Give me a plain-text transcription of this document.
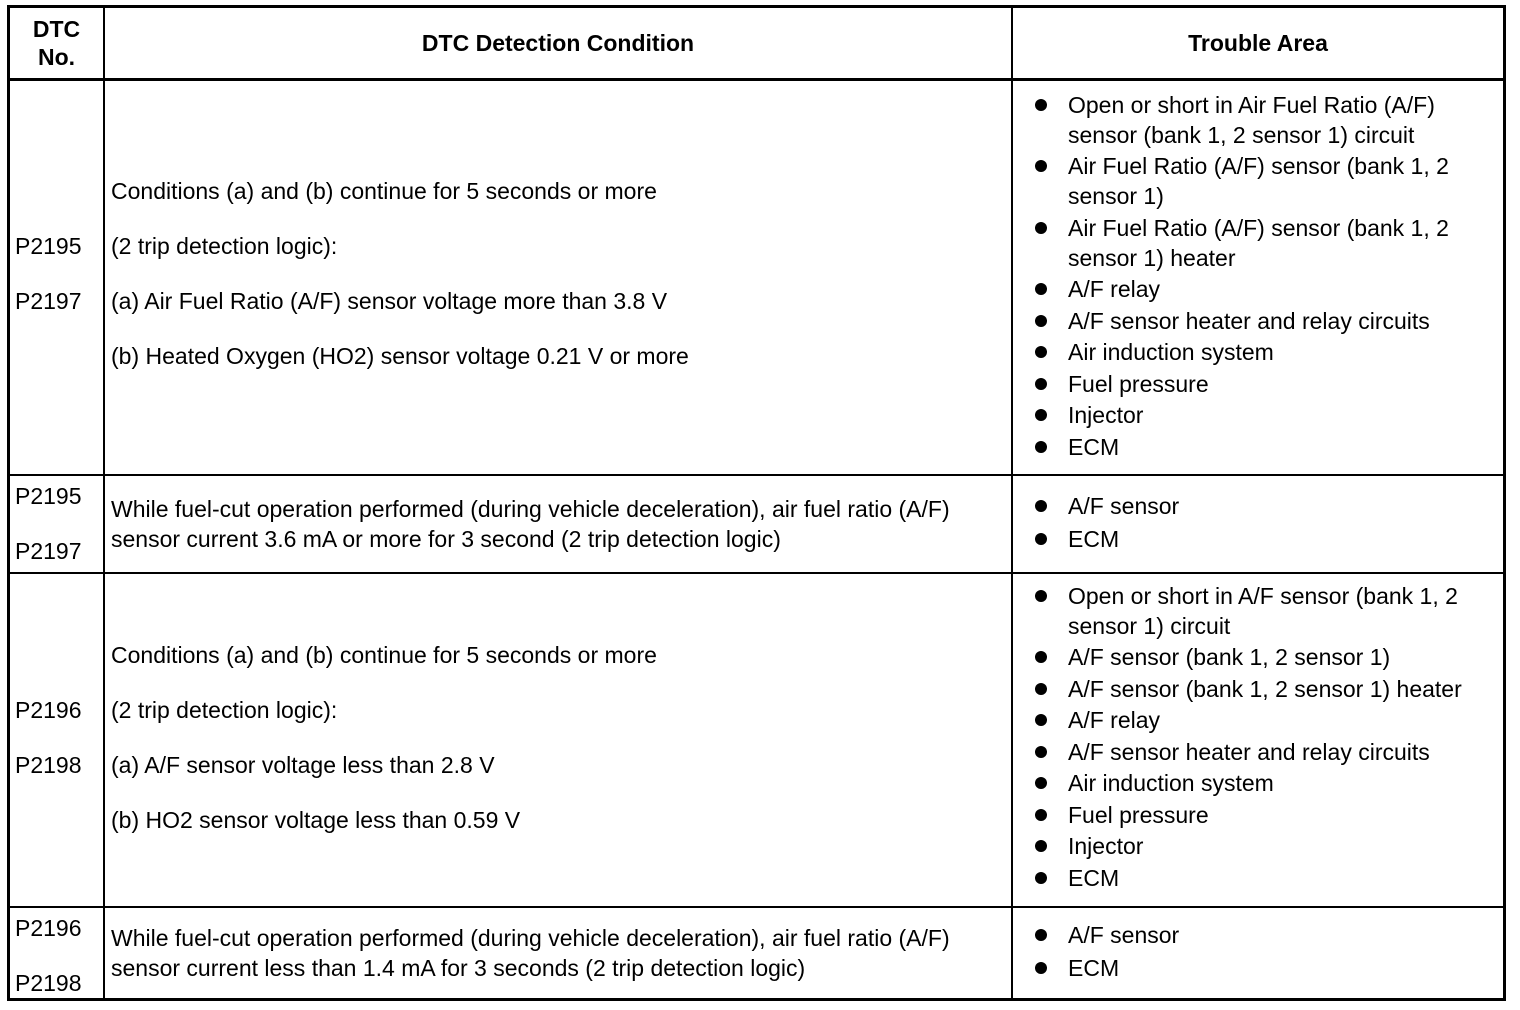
DTC
No.
DTC Detection Condition	Trouble Area
P2195
P2197
Conditions (a) and (b) continue for 5 seconds or more
(2 trip detection logic):
(a) Air Fuel Ratio (A/F) sensor voltage more than 3.8 V
(b) Heated Oxygen (HO2) sensor voltage 0.21 V or more
Open or short in Air Fuel Ratio (A/F) sensor (bank 1, 2 sensor 1) circuit
Air Fuel Ratio (A/F) sensor (bank 1, 2 sensor 1)
Air Fuel Ratio (A/F) sensor (bank 1, 2 sensor 1) heater
A/F relay
A/F sensor heater and relay circuits
Air induction system
Fuel pressure
Injector
ECM
P2195
P2197
While fuel-cut operation performed (during vehicle deceleration), air fuel ratio (A/F) sensor current 3.6 mA or more for 3 second (2 trip detection logic)
A/F sensor
ECM
P2196
P2198
Conditions (a) and (b) continue for 5 seconds or more
(2 trip detection logic):
(a) A/F sensor voltage less than 2.8 V
(b) HO2 sensor voltage less than 0.59 V
Open or short in A/F sensor (bank 1, 2 sensor 1) circuit
A/F sensor (bank 1, 2 sensor 1)
A/F sensor (bank 1, 2 sensor 1) heater
A/F relay
A/F sensor heater and relay circuits
Air induction system
Fuel pressure
Injector
ECM
P2196
P2198
While fuel-cut operation performed (during vehicle deceleration), air fuel ratio (A/F) sensor current less than 1.4 mA for 3 seconds (2 trip detection logic)
A/F sensor
ECM
